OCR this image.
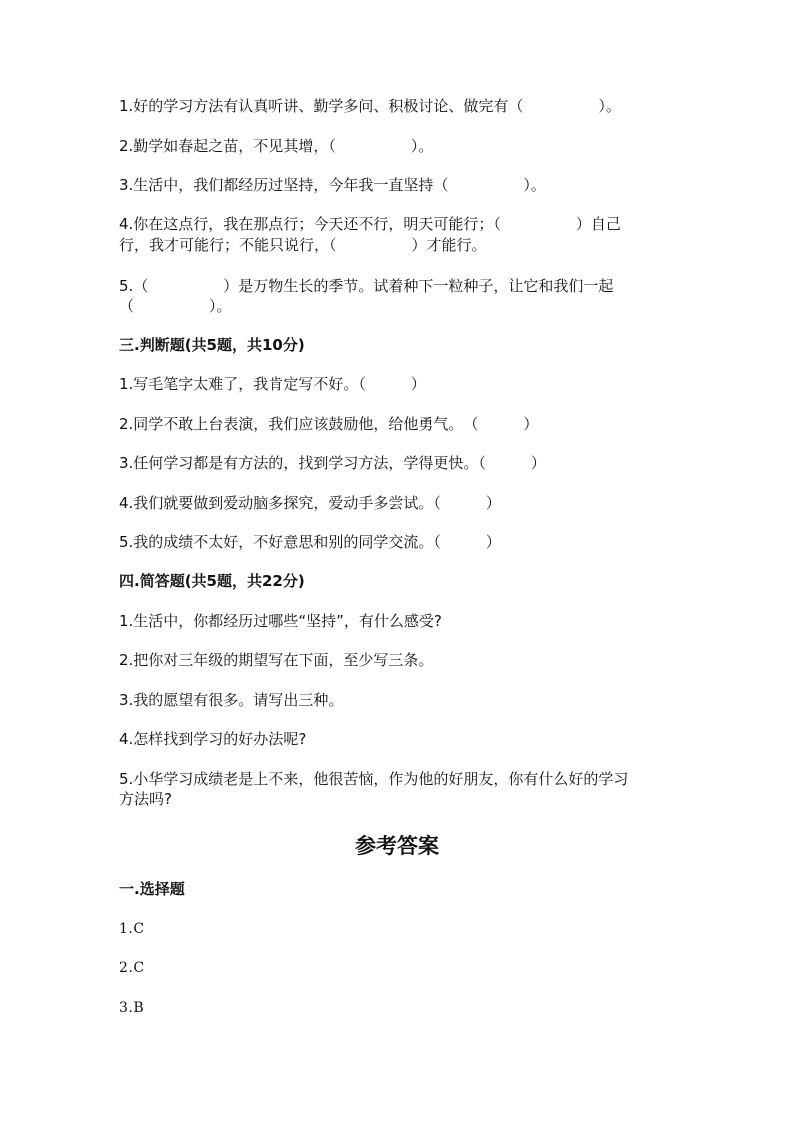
1.好的学习方法有认真听讲、勤学多问、积极讨论、做完有（　　　　　）。
2.勤学如春起之苗，不见其增，（　　　　　）。
3.生活中，我们都经历过坚持，今年我一直坚持（　　　　　）。
4.你在这点行，我在那点行；今天还不行，明天可能行；（　　　　　）自己
行，我才可能行；不能只说行，（　　　　　）才能行。
5.（　　　　　）是万物生长的季节。试着种下一粒种子，让它和我们一起
（　　　　　）。
三.判断题(共5题，共10分)
1.写毛笔字太难了，我肯定写不好。（　　　）
2.同学不敢上台表演，我们应该鼓励他，给他勇气。　（　　　）
3.任何学习都是有方法的，找到学习方法，学得更快。（　　　）
4.我们就要做到爱动脑多探究，爱动手多尝试。（　　　）
5.我的成绩不太好，不好意思和别的同学交流。（　　　）
四.简答题(共5题，共22分)
1.生活中，你都经历过哪些“坚持”，有什么感受?
2.把你对三年级的期望写在下面，至少写三条。
3.我的愿望有很多。请写出三种。
4.怎样找到学习的好办法呢?
5.小华学习成绩老是上不来，他很苦恼，作为他的好朋友，你有什么好的学习
方法吗?
参考答案
一.选择题
1.C
2.C
3.B
